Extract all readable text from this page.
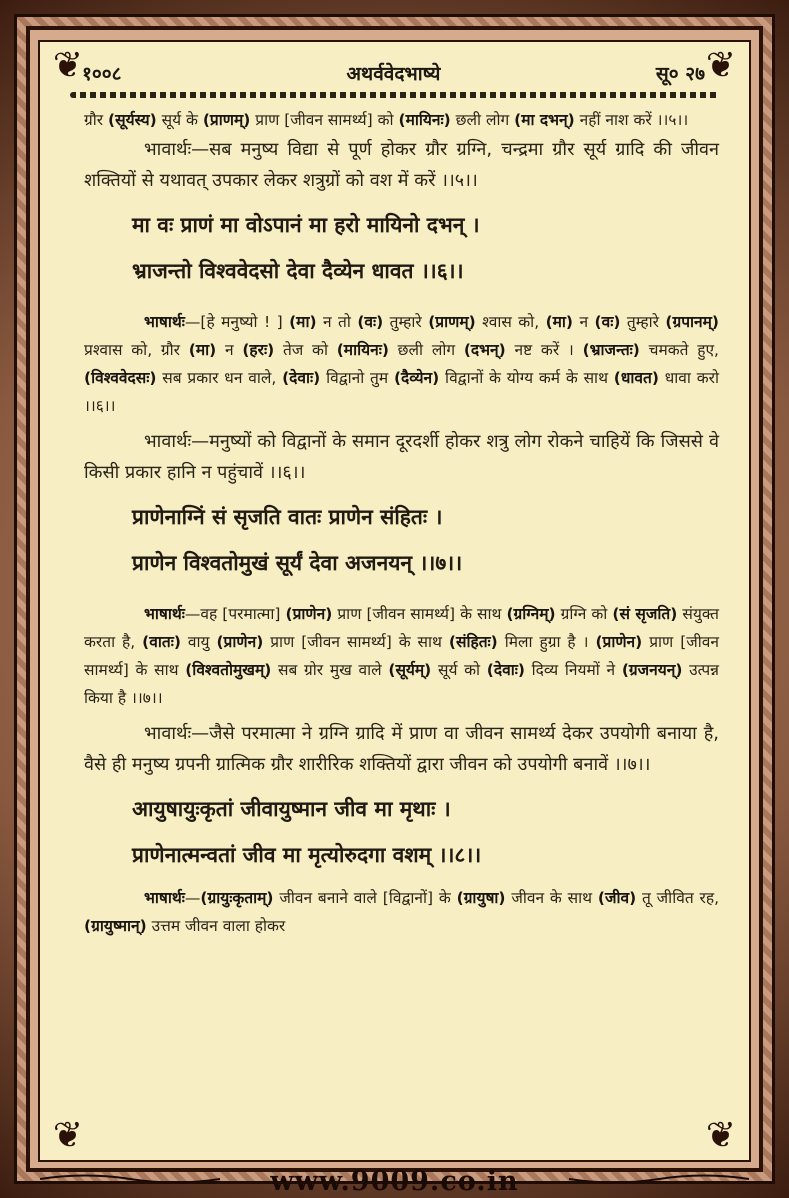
❦	❦
❦	❦
१००८	अथर्ववेदभाष्ये	सू० २७

ग्रौर (सूर्यस्य) सूर्य के (प्राणम्) प्राण [जीवन सामर्थ्य] को (मायिनः) छली लोग (मा दभन्) नहीं नाश करें ।।५।।

भावार्थः—सब मनुष्य विद्या से पूर्ण होकर ग्रौर ग्रग्नि, चन्द्रमा ग्रौर सूर्य ग्रादि की जीवन शक्तियों से यथावत् उपकार लेकर शत्रुग्रों को वश में करें ।।५।।

मा वः प्राणं मा वोऽपानं मा हरो मायिनो दभन् ।

भ्राजन्तो विश्ववेदसो देवा दैव्येन धावत ।।६।।

भाषार्थः—[हे मनुष्यो ! ] (मा) न तो (वः) तुम्हारे (प्राणम्) श्वास को, (मा) न (वः) तुम्हारे (ग्रपानम्) प्रश्वास को, ग्रौर (मा) न (हरः) तेज को (मायिनः) छली लोग (दभन्) नष्ट करें । (भ्राजन्तः) चमकते हुए, (विश्ववेदसः) सब प्रकार धन वाले, (देवाः) विद्वानो तुम (दैव्येन) विद्वानों के योग्य कर्म के साथ (धावत) धावा करो ।।६।।

भावार्थः—मनुष्यों को विद्वानों के समान दूरदर्शी होकर शत्रु लोग रोकने चाहियें कि जिससे वे किसी प्रकार हानि न पहुंचावें ।।६।।

प्राणेनाग्निं सं सृजति वातः प्राणेन संहितः ।

प्राणेन विश्वतोमुखं सूर्यं देवा अजनयन् ।।७।।

भाषार्थः—वह [परमात्मा] (प्राणेन) प्राण [जीवन सामर्थ्य] के साथ (ग्रग्निम्) ग्रग्नि को (सं सृजति) संयुक्त करता है, (वातः) वायु (प्राणेन) प्राण [जीवन सामर्थ्य] के साथ (संहितः) मिला हुग्रा है । (प्राणेन) प्राण [जीवन सामर्थ्य] के साथ (विश्वतोमुखम्) सब ग्रोर मुख वाले (सूर्यम्) सूर्य को (देवाः) दिव्य नियमों ने (ग्रजनयन्) उत्पन्न किया है ।।७।।

भावार्थः—जैसे परमात्मा ने ग्रग्नि ग्रादि में प्राण वा जीवन सामर्थ्य देकर उपयोगी बनाया है, वैसे ही मनुष्य ग्रपनी ग्रात्मिक ग्रौर शारीरिक शक्तियों द्वारा जीवन को उपयोगी बनावें ।।७।।

आयुषायुःकृतां जीवायुष्मान जीव मा मृथाः ।

प्राणेनात्मन्वतां जीव मा मृत्योरुदगा वशम् ।।८।।

भाषार्थः—(ग्रायुःकृताम्) जीवन बनाने वाले [विद्वानों] के (ग्रायुषा) जीवन के साथ (जीव) तू जीवित रह, (ग्रायुष्मान्) उत्तम जीवन वाला होकर

www.9009.co.in
